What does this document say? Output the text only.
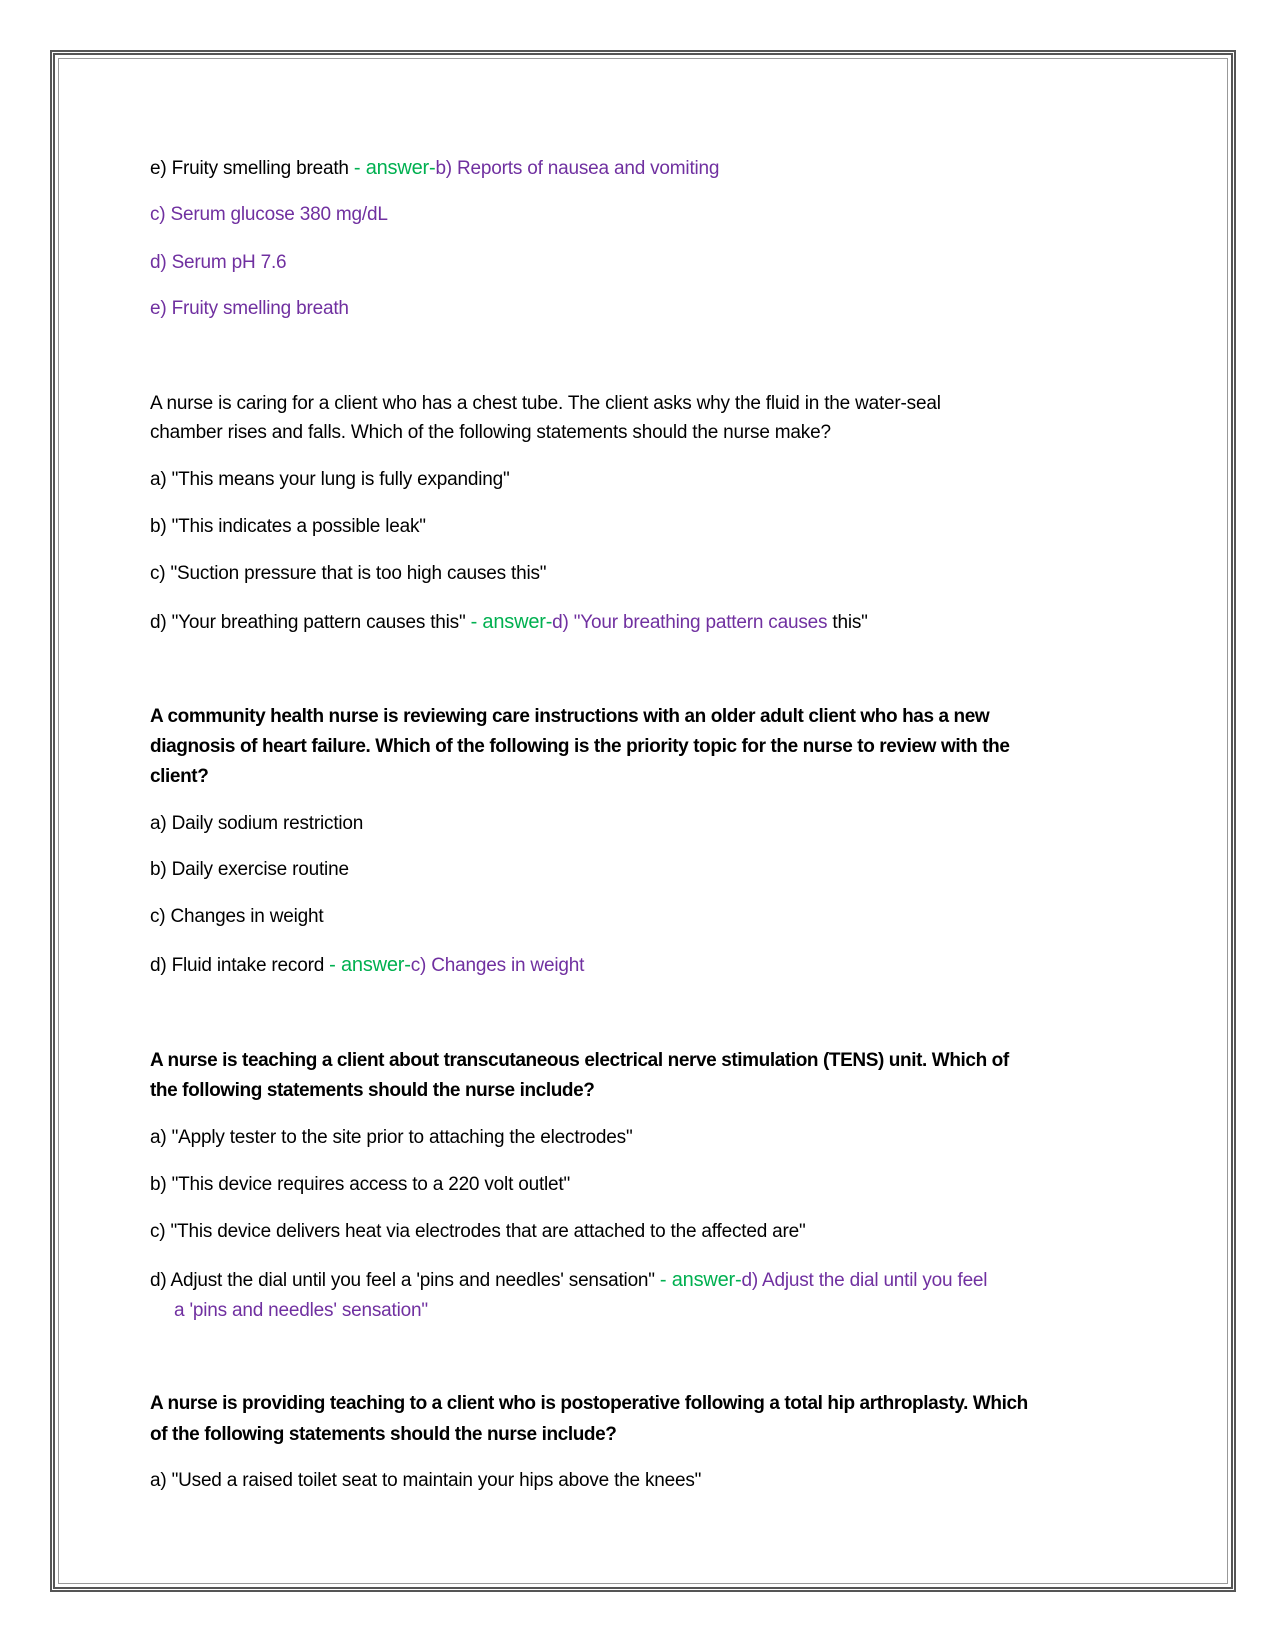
e) Fruity smelling breath - answer-b) Reports of nausea and vomiting
c) Serum glucose 380 mg/dL
d) Serum pH 7.6
e) Fruity smelling breath
A nurse is caring for a client who has a chest tube. The client asks why the fluid in the water-seal
chamber rises and falls. Which of the following statements should the nurse make?
a) "This means your lung is fully expanding"
b) "This indicates a possible leak"
c) "Suction pressure that is too high causes this"
d) "Your breathing pattern causes this" - answer-d) "Your breathing pattern causes this"
A community health nurse is reviewing care instructions with an older adult client who has a new
diagnosis of heart failure. Which of the following is the priority topic for the nurse to review with the
client?
a) Daily sodium restriction
b) Daily exercise routine
c) Changes in weight
d) Fluid intake record - answer-c) Changes in weight
A nurse is teaching a client about transcutaneous electrical nerve stimulation (TENS) unit. Which of
the following statements should the nurse include?
a) "Apply tester to the site prior to attaching the electrodes"
b) "This device requires access to a 220 volt outlet"
c) "This device delivers heat via electrodes that are attached to the affected are"
d) Adjust the dial until you feel a 'pins and needles' sensation" - answer-d) Adjust the dial until you feel
a 'pins and needles' sensation"
A nurse is providing teaching to a client who is postoperative following a total hip arthroplasty. Which
of the following statements should the nurse include?
a) "Used a raised toilet seat to maintain your hips above the knees"
